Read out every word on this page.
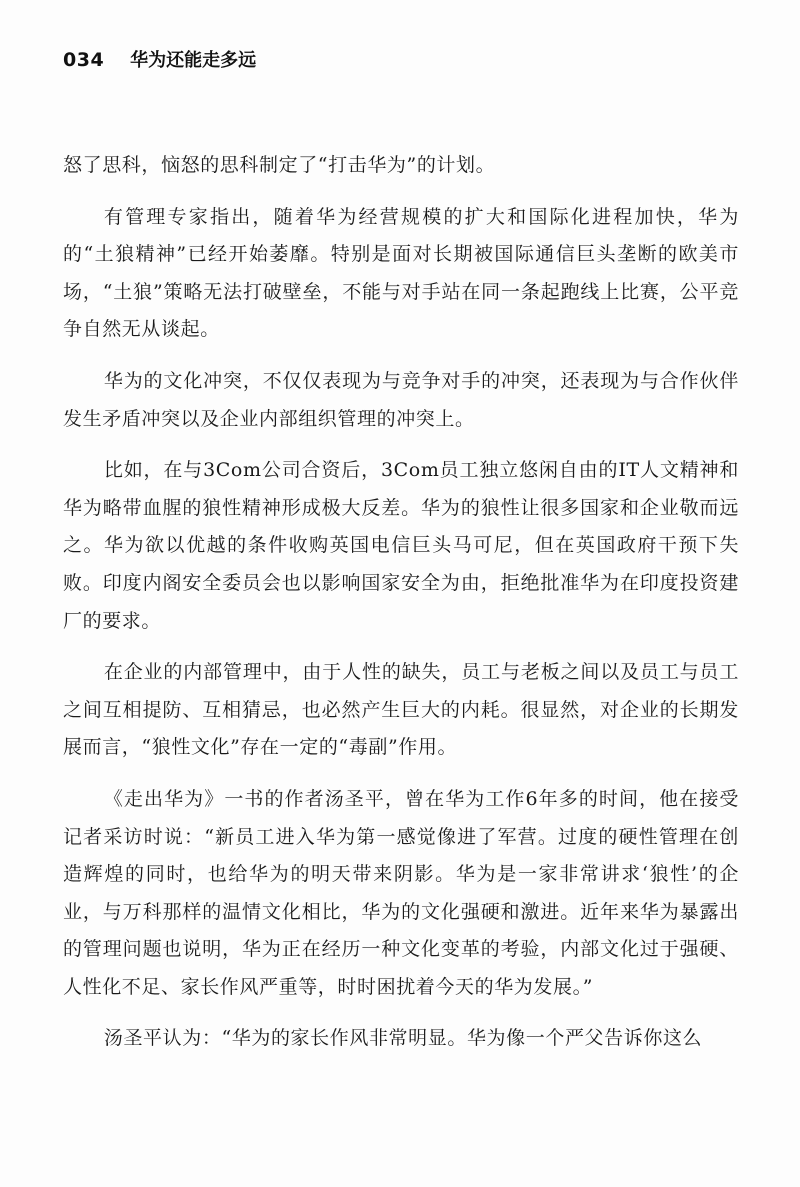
034 华为还能走多远

怒了思科，恼怒的思科制定了“打击华为”的计划。

有管理专家指出，随着华为经营规模的扩大和国际化进程加快，华为的“土狼精神”已经开始萎靡。特别是面对长期被国际通信巨头垄断的欧美市场，“土狼”策略无法打破壁垒，不能与对手站在同一条起跑线上比赛，公平竞争自然无从谈起。

华为的文化冲突，不仅仅表现为与竞争对手的冲突，还表现为与合作伙伴发生矛盾冲突以及企业内部组织管理的冲突上。

比如，在与3Com公司合资后，3Com员工独立悠闲自由的IT人文精神和华为略带血腥的狼性精神形成极大反差。华为的狼性让很多国家和企业敬而远之。华为欲以优越的条件收购英国电信巨头马可尼，但在英国政府干预下失败。印度内阁安全委员会也以影响国家安全为由，拒绝批准华为在印度投资建厂的要求。

在企业的内部管理中，由于人性的缺失，员工与老板之间以及员工与员工之间互相提防、互相猜忌，也必然产生巨大的内耗。很显然，对企业的长期发展而言，“狼性文化”存在一定的“毒副”作用。

《走出华为》一书的作者汤圣平，曾在华为工作6年多的时间，他在接受记者采访时说：“新员工进入华为第一感觉像进了军营。过度的硬性管理在创造辉煌的同时，也给华为的明天带来阴影。华为是一家非常讲求‘狼性’的企业，与万科那样的温情文化相比，华为的文化强硬和激进。近年来华为暴露出的管理问题也说明，华为正在经历一种文化变革的考验，内部文化过于强硬、人性化不足、家长作风严重等，时时困扰着今天的华为发展。”

汤圣平认为：“华为的家长作风非常明显。华为像一个严父告诉你这么
